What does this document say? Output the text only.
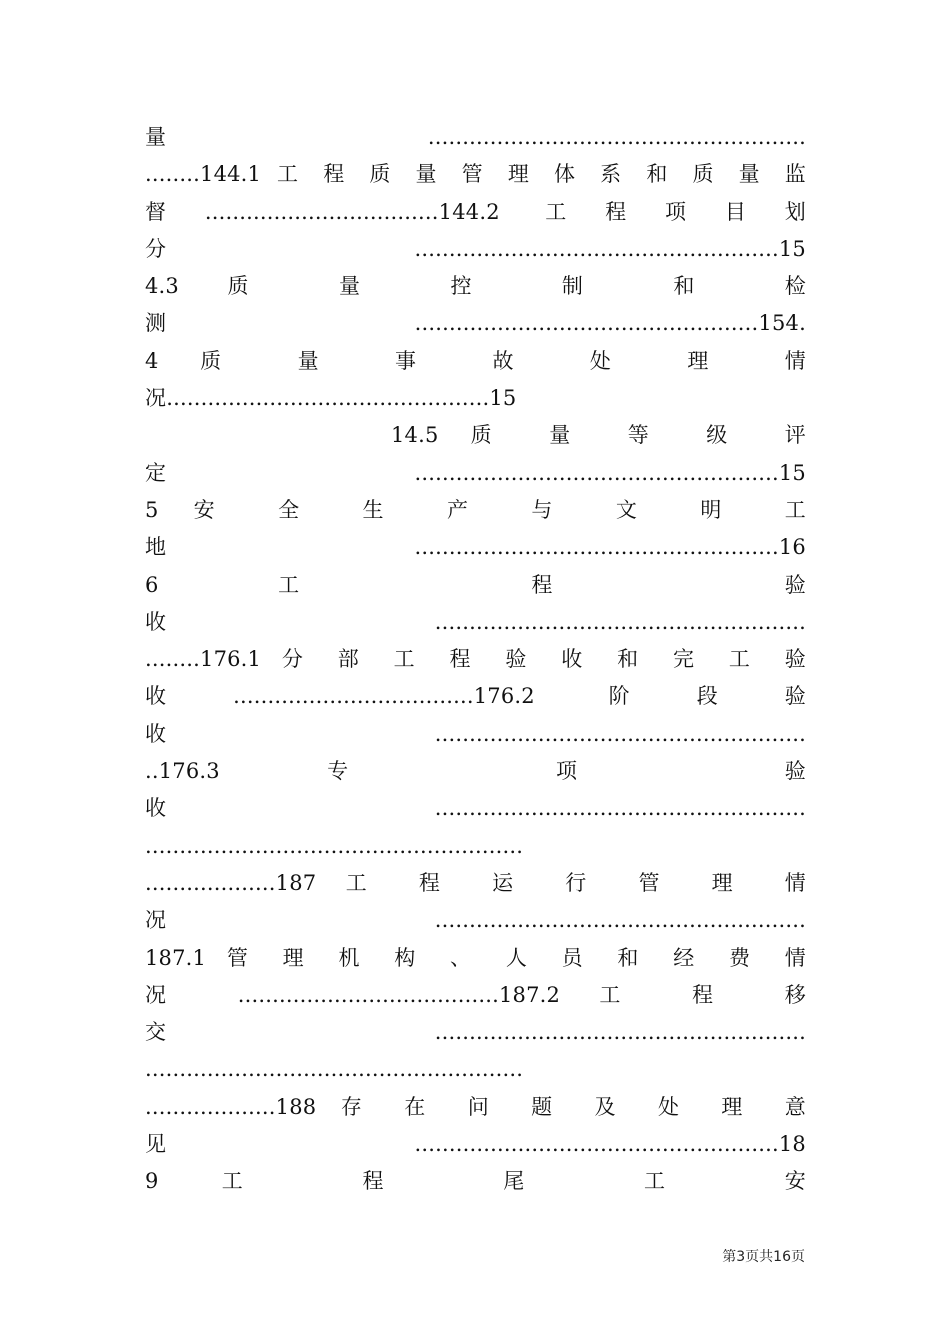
量.......................................................
........144.1 工 程 质 量 管 理 体 系 和 质 量 监
督..................................144.2 工程项目划
分.....................................................15
4.3 质 量 控 制 和 检
测..................................................154.
4 质 量 事 故 处 理 情
况...............................................15
14.5 质 量 等 级 评
定.....................................................15
5 安 全 生 产 与 文 明 工
地.....................................................16
6 工 程 验
收......................................................
........176.1 分 部 工 程 验 收 和 完 工 验
收...................................176.2 阶段验
收......................................................
..176.3 专 项 验
收......................................................
.......................................................
...................187 工 程 运 行 管 理 情
况......................................................
187.1 管 理 机 构 、 人 员 和 经 费 情
况 ......................................187.2 工 程 移
交......................................................
.......................................................
...................188 存 在 问 题 及 处 理 意
见.....................................................18
9 工 程 尾 工 安
第3页共16页
